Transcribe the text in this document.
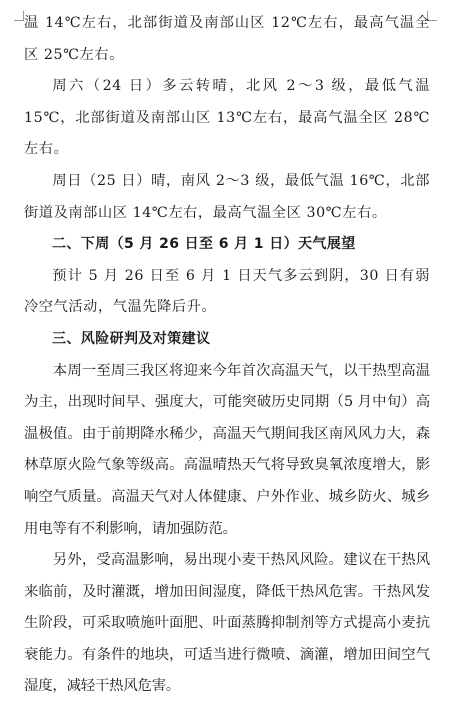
温 14℃左右，北部街道及南部山区 12℃左右，最高气温全区 25℃左右。

周六（24 日）多云转晴，北风 2～3 级，最低气温 15℃，北部街道及南部山区 13℃左右，最高气温全区 28℃左右。

周日（25 日）晴，南风 2～3 级，最低气温 16℃，北部街道及南部山区 14℃左右，最高气温全区 30℃左右。

二、下周（5 月 26 日至 6 月 1 日）天气展望

预计 5 月 26 日至 6 月 1 日天气多云到阴，30 日有弱冷空气活动，气温先降后升。

三、风险研判及对策建议

本周一至周三我区将迎来今年首次高温天气，以干热型高温为主，出现时间早、强度大，可能突破历史同期（5 月中旬）高温极值。由于前期降水稀少，高温天气期间我区南风风力大，森林草原火险气象等级高。高温晴热天气将导致臭氧浓度增大，影响空气质量。高温天气对人体健康、户外作业、城乡防火、城乡用电等有不利影响，请加强防范。

另外，受高温影响，易出现小麦干热风风险。建议在干热风来临前，及时灌溉，增加田间湿度，降低干热风危害。干热风发生阶段，可采取喷施叶面肥、叶面蒸腾抑制剂等方式提高小麦抗衰能力。有条件的地块，可适当进行微喷、滴灌，增加田间空气湿度，减轻干热风危害。
